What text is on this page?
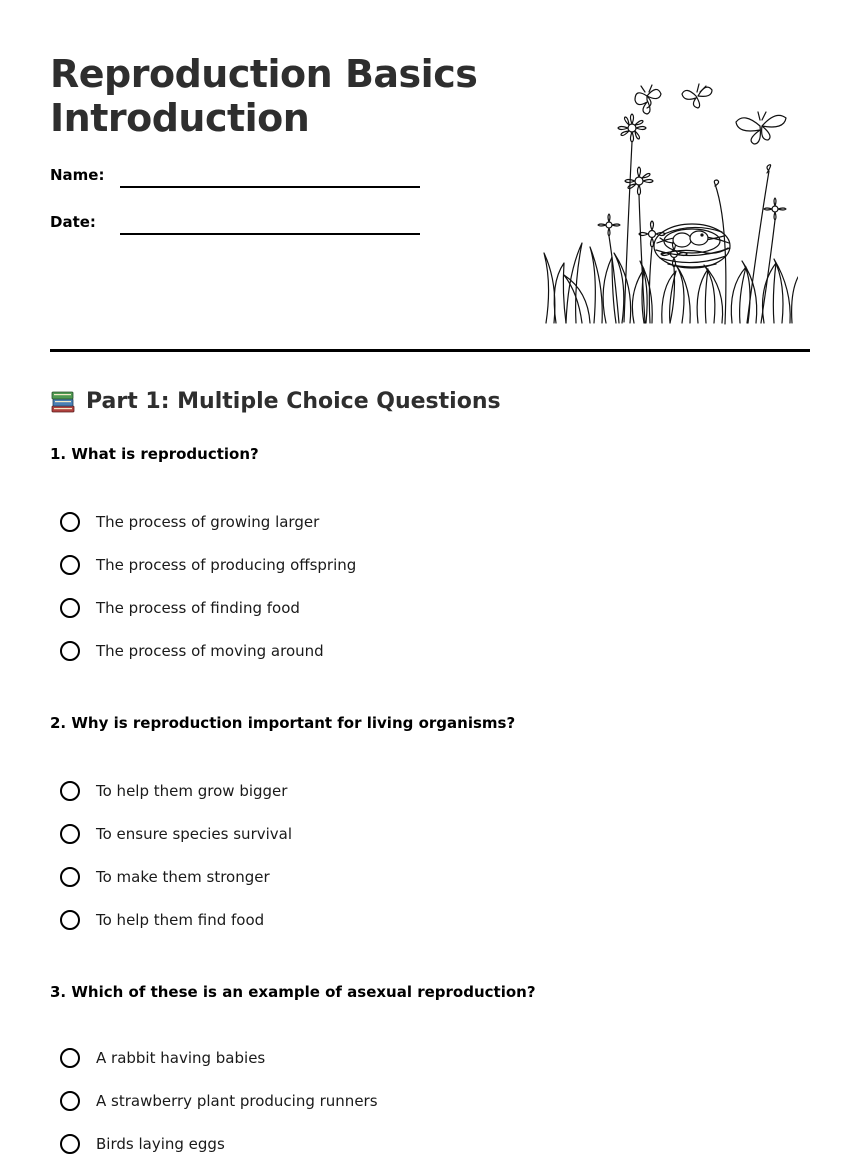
Reproduction Basics
Introduction
Name:
Date:
Part 1: Multiple Choice Questions

1. What is reproduction?

The process of growing larger
The process of producing offspring
The process of finding food
The process of moving around

2. Why is reproduction important for living organisms?

To help them grow bigger
To ensure species survival
To make them stronger
To help them find food

3. Which of these is an example of asexual reproduction?

A rabbit having babies
A strawberry plant producing runners
Birds laying eggs
